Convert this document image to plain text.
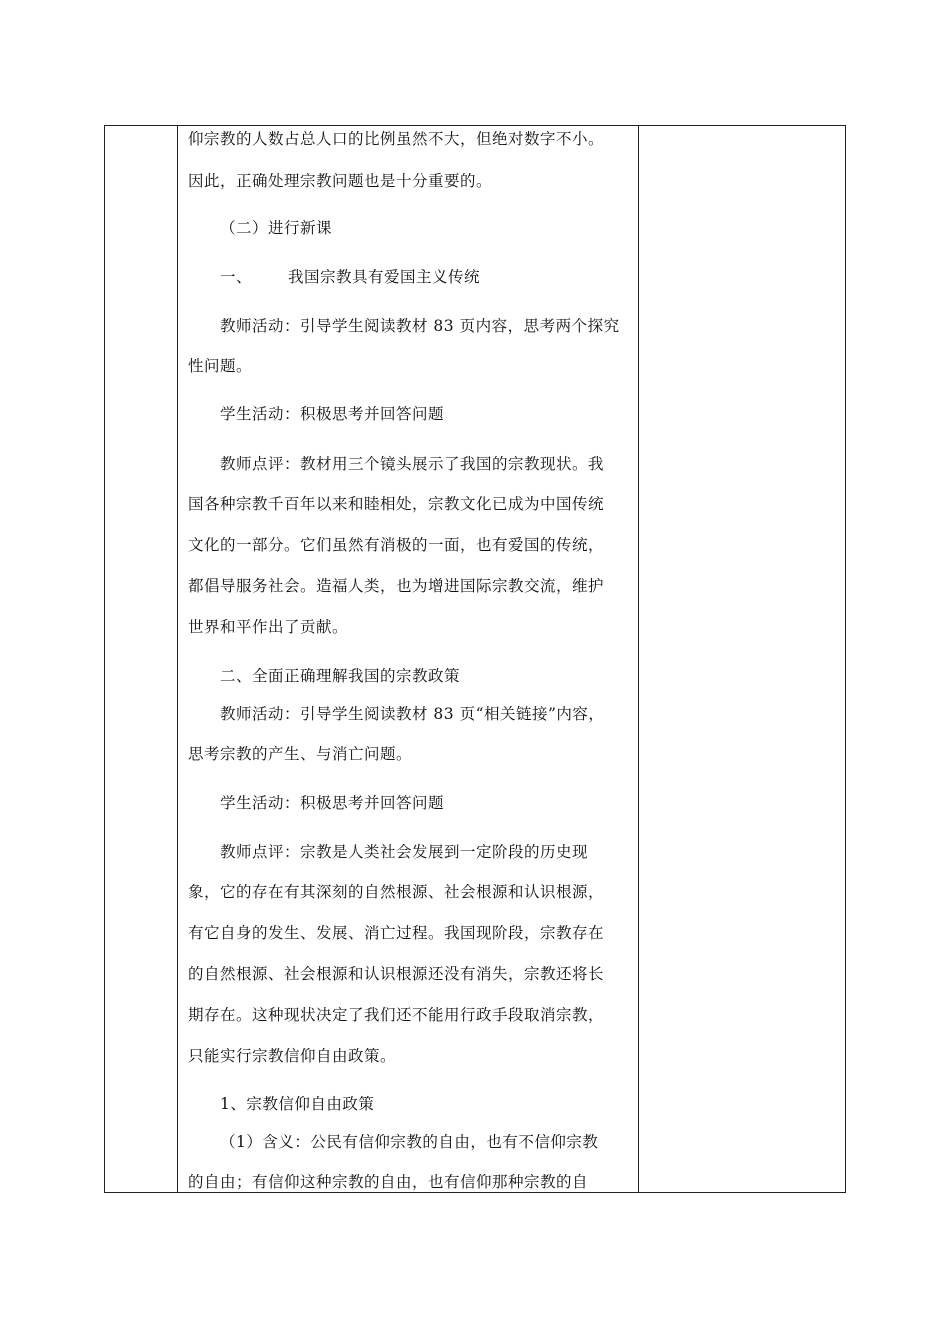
仰宗教的人数占总人口的比例虽然不大，但绝对数字不小。
因此，正确处理宗教问题也是十分重要的。
（二）进行新课
一、 我国宗教具有爱国主义传统
教师活动：引导学生阅读教材 83 页内容，思考两个探究
性问题。
学生活动：积极思考并回答问题
教师点评：教材用三个镜头展示了我国的宗教现状。我
国各种宗教千百年以来和睦相处，宗教文化已成为中国传统
文化的一部分。它们虽然有消极的一面，也有爱国的传统，
都倡导服务社会。造福人类，也为增进国际宗教交流，维护
世界和平作出了贡献。
二、全面正确理解我国的宗教政策
教师活动：引导学生阅读教材 83 页“相关链接”内容，
思考宗教的产生、与消亡问题。
学生活动：积极思考并回答问题
教师点评：宗教是人类社会发展到一定阶段的历史现
象，它的存在有其深刻的自然根源、社会根源和认识根源，
有它自身的发生、发展、消亡过程。我国现阶段，宗教存在
的自然根源、社会根源和认识根源还没有消失，宗教还将长
期存在。这种现状决定了我们还不能用行政手段取消宗教，
只能实行宗教信仰自由政策。
1、宗教信仰自由政策
（1）含义：公民有信仰宗教的自由，也有不信仰宗教
的自由；有信仰这种宗教的自由，也有信仰那种宗教的自
